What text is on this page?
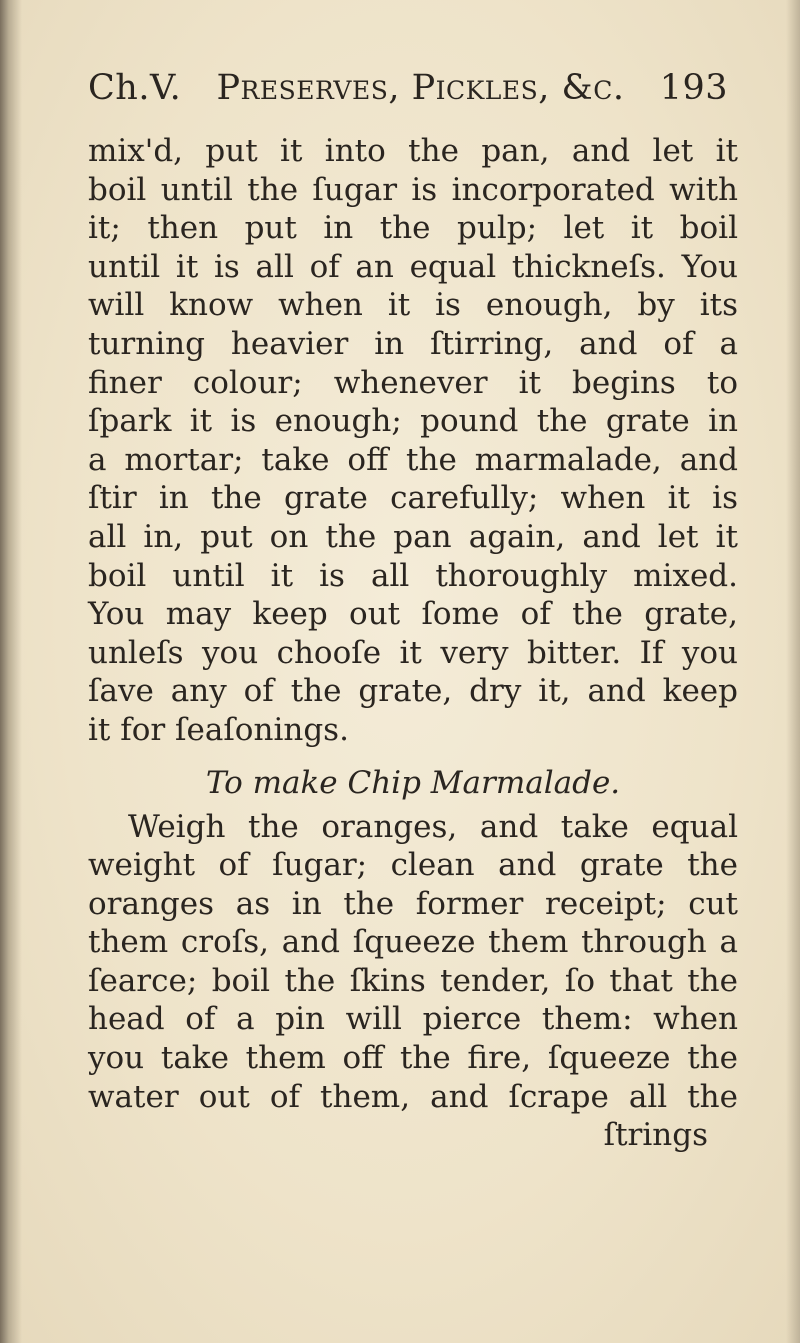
Ch.V. Preserves, Pickles, &c. 193
mix'd, put it into the pan, and let it
boil until the ſugar is incorporated with
it; then put in the pulp; let it boil
until it is all of an equal thickneſs. You
will know when it is enough, by its
turning heavier in ſtirring, and of a
finer colour; whenever it begins to
ſpark it is enough; pound the grate in
a mortar; take off the marmalade, and
ſtir in the grate carefully; when it is
all in, put on the pan again, and let it
boil until it is all thoroughly mixed.
You may keep out ſome of the grate,
unleſs you chooſe it very bitter. If you
ſave any of the grate, dry it, and keep
it for ſeaſonings.
To make Chip Marmalade.
Weigh the oranges, and take equal
weight of ſugar; clean and grate the
oranges as in the former receipt; cut
them croſs, and ſqueeze them through a
ſearce; boil the ſkins tender, ſo that the
head of a pin will pierce them: when
you take them off the fire, ſqueeze the
water out of them, and ſcrape all the
ſtrings
